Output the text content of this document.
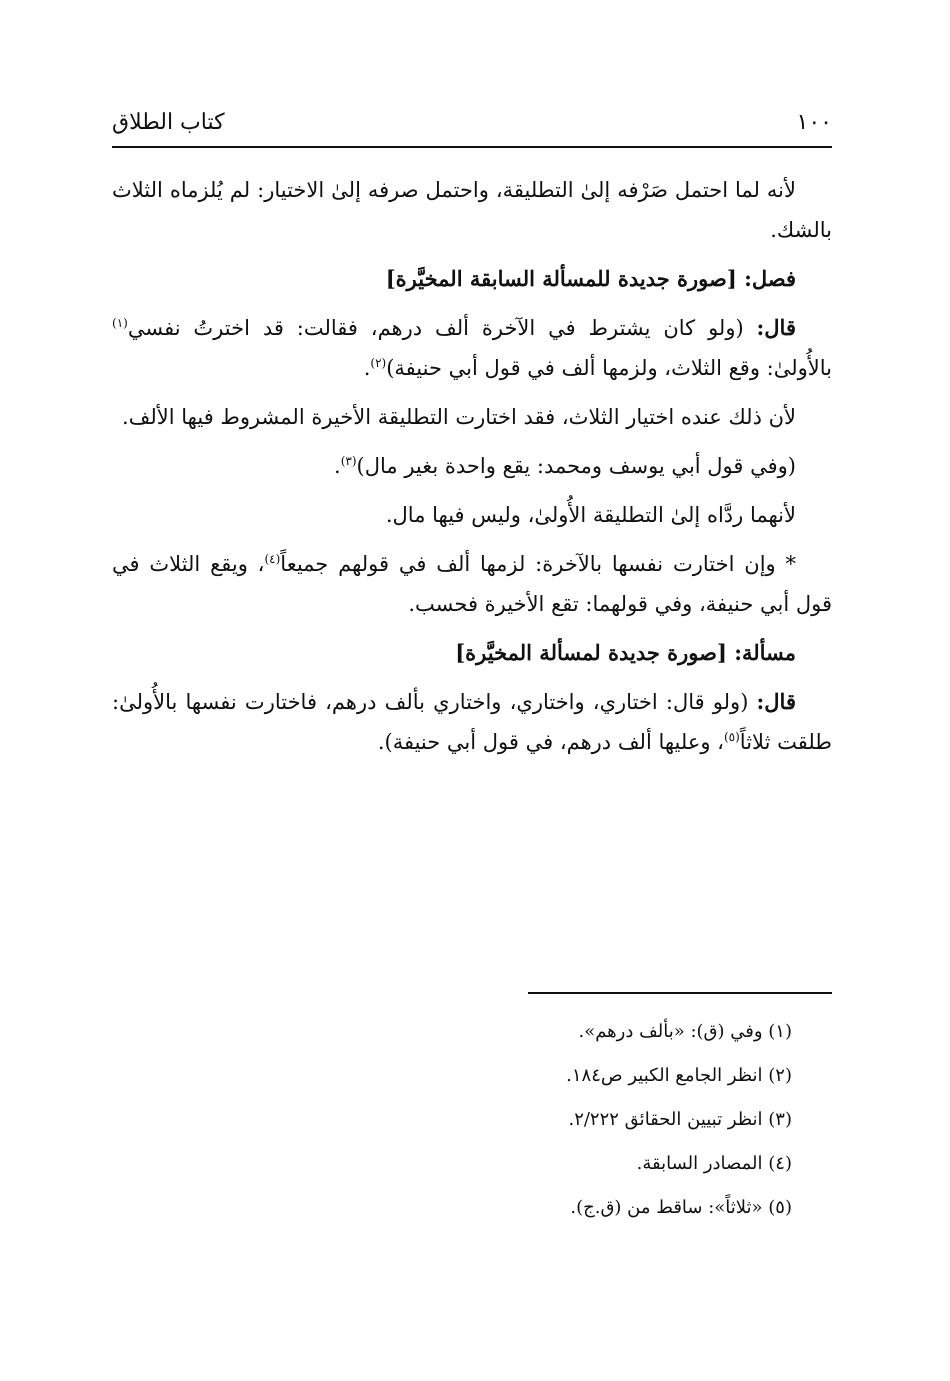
١٠٠
كتاب الطلاق

لأنه لما احتمل صَرْفه إلىٰ التطليقة، واحتمل صرفه إلىٰ الاختيار: لم يُلزماه الثلاث بالشك.

فصل: [صورة جديدة للمسألة السابقة المخيَّرة]

قال: (ولو كان يشترط في الآخرة ألف درهم، فقالت: قد اخترتُ نفسي$^{(١)}$ بالأُولىٰ: وقع الثلاث، ولزمها ألف في قول أبي حنيفة)$^{(٢)}$.

لأن ذلك عنده اختيار الثلاث، فقد اختارت التطليقة الأخيرة المشروط فيها الألف.

(وفي قول أبي يوسف ومحمد: يقع واحدة بغير مال)$^{(٣)}$.

لأنهما ردَّاه إلىٰ التطليقة الأُولىٰ، وليس فيها مال.

* وإن اختارت نفسها بالآخرة: لزمها ألف في قولهم جميعاً$^{(٤)}$، ويقع الثلاث في قول أبي حنيفة، وفي قولهما: تقع الأخيرة فحسب.

مسألة: [صورة جديدة لمسألة المخيَّرة]

قال: (ولو قال: اختاري، واختاري، واختاري بألف درهم، فاختارت نفسها بالأُولىٰ: طلقت ثلاثاً$^{(٥)}$، وعليها ألف درهم، في قول أبي حنيفة).

(١) وفي (ق): «بألف درهم».
(٢) انظر الجامع الكبير ص١٨٤.
(٣) انظر تبيين الحقائق ٢/٢٢٢.
(٤) المصادر السابقة.
(٥) «ثلاثاً»: ساقط من (ق.ج).
